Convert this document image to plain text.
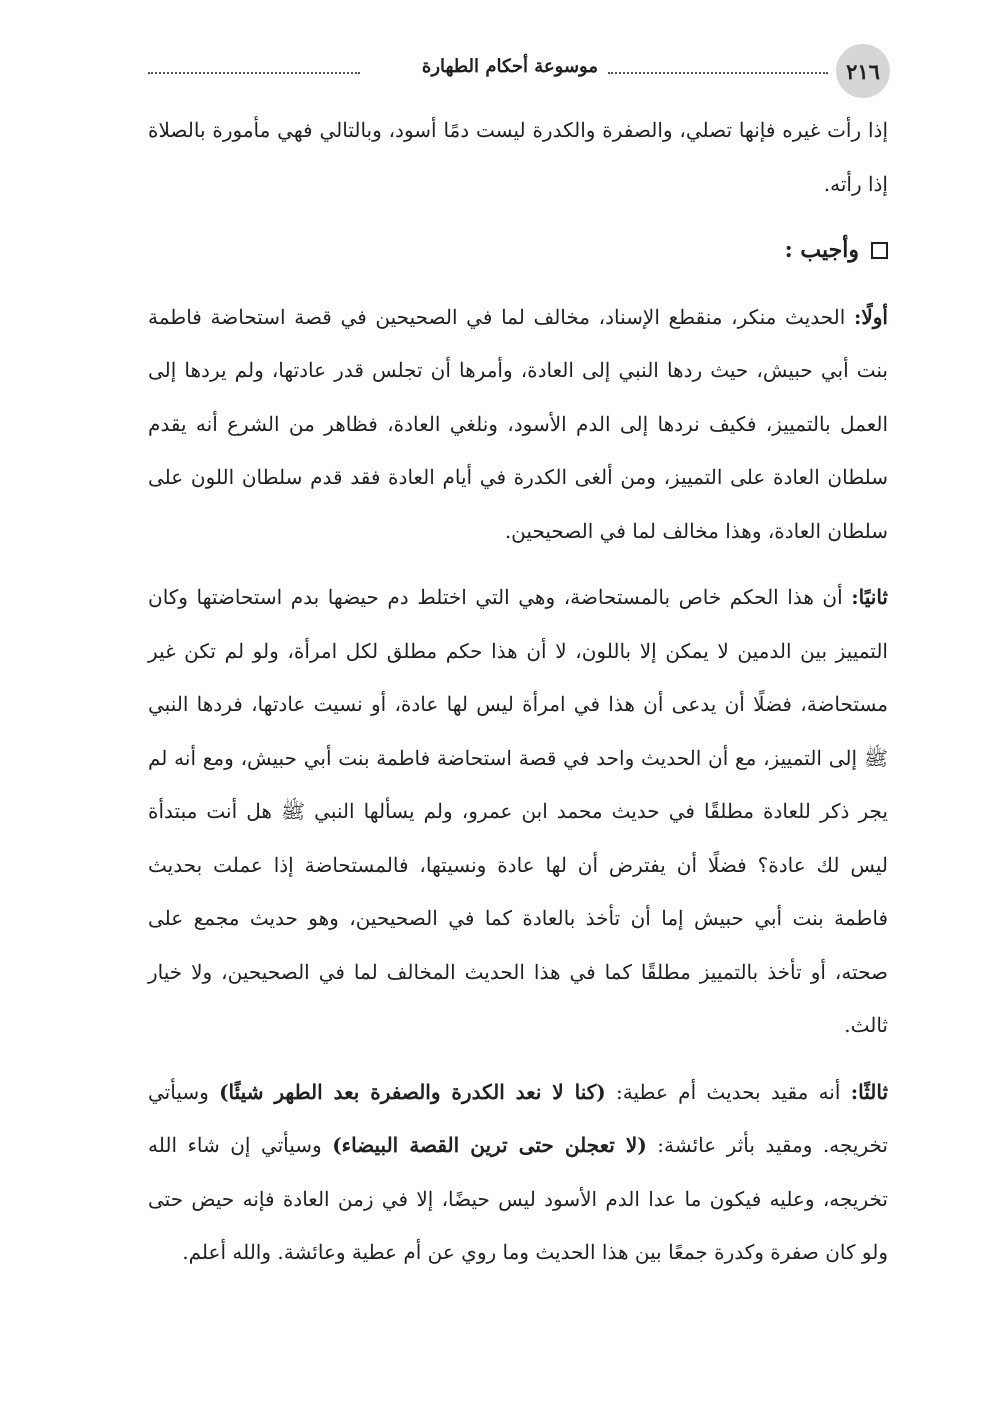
٢١٦
موسوعة أحكام الطهارة

إذا رأت غيره فإنها تصلي، والصفرة والكدرة ليست دمًا أسود، وبالتالي فهي مأمورة بالصلاة إذا رأته.

وأجيب :

أولًا: الحديث منكر، منقطع الإسناد، مخالف لما في الصحيحين في قصة استحاضة فاطمة بنت أبي حبيش، حيث ردها النبي إلى العادة، وأمرها أن تجلس قدر عادتها، ولم يردها إلى العمل بالتمييز، فكيف نردها إلى الدم الأسود، ونلغي العادة، فظاهر من الشرع أنه يقدم سلطان العادة على التمييز، ومن ألغى الكدرة في أيام العادة فقد قدم سلطان اللون على سلطان العادة، وهذا مخالف لما في الصحيحين.

ثانيًا: أن هذا الحكم خاص بالمستحاضة، وهي التي اختلط دم حيضها بدم استحاضتها وكان التمييز بين الدمين لا يمكن إلا باللون، لا أن هذا حكم مطلق لكل امرأة، ولو لم تكن غير مستحاضة، فضلًا أن يدعى أن هذا في امرأة ليس لها عادة، أو نسيت عادتها، فردها النبي ﷺ إلى التمييز، مع أن الحديث واحد في قصة استحاضة فاطمة بنت أبي حبيش، ومع أنه لم يجر ذكر للعادة مطلقًا في حديث محمد ابن عمرو، ولم يسألها النبي ﷺ هل أنت مبتدأة ليس لك عادة؟ فضلًا أن يفترض أن لها عادة ونسيتها، فالمستحاضة إذا عملت بحديث فاطمة بنت أبي حبيش إما أن تأخذ بالعادة كما في الصحيحين، وهو حديث مجمع على صحته، أو تأخذ بالتمييز مطلقًا كما في هذا الحديث المخالف لما في الصحيحين، ولا خيار ثالث.

ثالثًا: أنه مقيد بحديث أم عطية: (كنا لا نعد الكدرة والصفرة بعد الطهر شيئًا) وسيأتي تخريجه. ومقيد بأثر عائشة: (لا تعجلن حتى ترين القصة البيضاء) وسيأتي إن شاء الله تخريجه، وعليه فيكون ما عدا الدم الأسود ليس حيضًا، إلا في زمن العادة فإنه حيض حتى ولو كان صفرة وكدرة جمعًا بين هذا الحديث وما روي عن أم عطية وعائشة. والله أعلم.
